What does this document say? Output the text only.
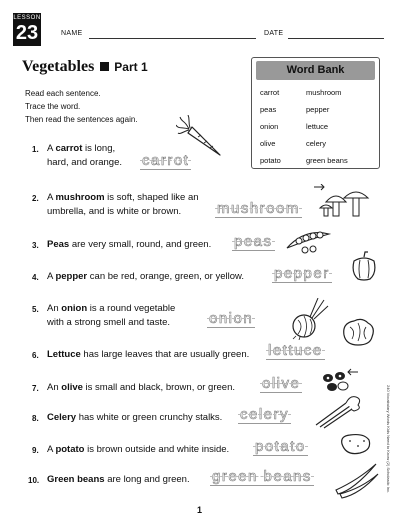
LESSON
23	NAME	DATE
Vegetables Part 1
Read each sentence.
Trace the word.
Then read the sentences again.
Word Bank
carrot	mushroom
peas	pepper
onion	lettuce
olive	celery
potato	green beans
1. A carrot is long,
hard, and orange. carrot
2. A mushroom is soft, shaped like an
umbrella, and is white or brown. mushroom
3. Peas are very small, round, and green. peas
4. A pepper can be red, orange, green, or yellow. pepper
5. An onion is a round vegetable
with a strong smell and taste.	onion
6. Lettuce has large leaves that are usually green. lettuce
7. An olive is small and black, brown, or green. olive
8. Celery has white or green crunchy stalks. celery
9. A potato is brown outside and white inside. potato
10. Green beans are long and green. green beans	240 Vocabulary Words Kids Need to Know (2) Scholastic Inc.
1
